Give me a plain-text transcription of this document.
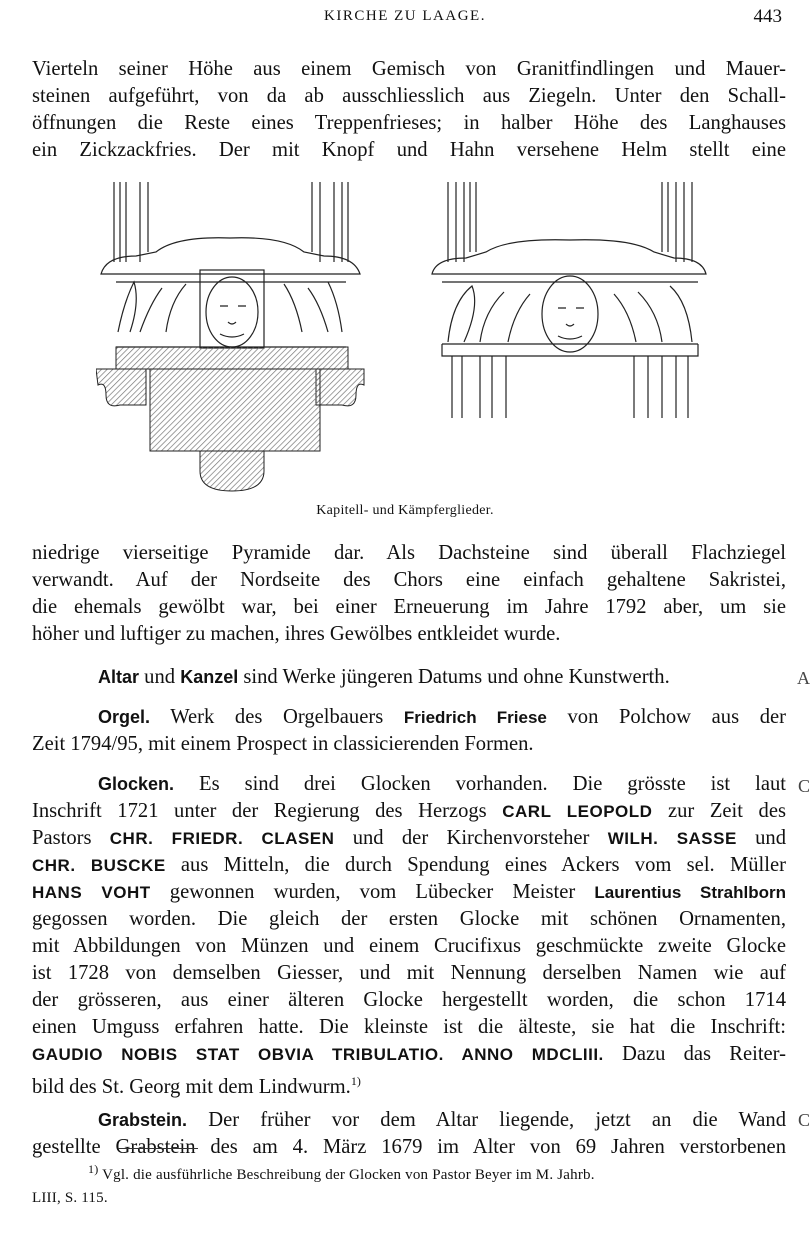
KIRCHE ZU LAAGE.	443
Vierteln seiner Höhe aus einem Gemisch von Granitfindlingen und Mauer-
steinen aufgeführt, von da ab ausschliesslich aus Ziegeln. Unter den Schall-
öffnungen die Reste eines Treppenfrieses; in halber Höhe des Langhauses
ein Zickzackfries. Der mit Knopf und Hahn versehene Helm stellt eine
Kapitell- und Kämpferglieder.
niedrige vierseitige Pyramide dar. Als Dachsteine sind überall Flachziegel
verwandt. Auf der Nordseite des Chors eine einfach gehaltene Sakristei,
die ehemals gewölbt war, bei einer Erneuerung im Jahre 1792 aber, um sie
höher und luftiger zu machen, ihres Gewölbes entkleidet wurde.
Altar und Kanzel sind Werke jüngeren Datums und ohne Kunstwerth.
Orgel. Werk des Orgelbauers Friedrich Friese von Polchow aus der
Zeit 1794/95, mit einem Prospect in classicierenden Formen.
Glocken. Es sind drei Glocken vorhanden. Die grösste ist laut
Inschrift 1721 unter der Regierung des Herzogs CARL LEOPOLD zur Zeit des
Pastors CHR. FRIEDR. CLASEN und der Kirchenvorsteher WILH. SASSE und
CHR. BUSCKE aus Mitteln, die durch Spendung eines Ackers vom sel. Müller
HANS VOHT gewonnen wurden, vom Lübecker Meister Laurentius Strahlborn
gegossen worden. Die gleich der ersten Glocke mit schönen Ornamenten,
mit Abbildungen von Münzen und einem Crucifixus geschmückte zweite Glocke
ist 1728 von demselben Giesser, und mit Nennung derselben Namen wie auf
der grösseren, aus einer älteren Glocke hergestellt worden, die schon 1714
einen Umguss erfahren hatte. Die kleinste ist die älteste, sie hat die Inschrift:
GAUDIO NOBIS STAT OBVIA TRIBULATIO. ANNO MDCLIII. Dazu das Reiter-
bild des St. Georg mit dem Lindwurm.$^{1)}$
Grabstein. Der früher vor dem Altar liegende, jetzt an die Wand
gestellte Grabstein des am 4. März 1679 im Alter von 69 Jahren verstorbenen
$^{1)}$ Vgl. die ausführliche Beschreibung der Glocken von Pastor Beyer im M. Jahrb.
LIII, S. 115.
A
C
C
